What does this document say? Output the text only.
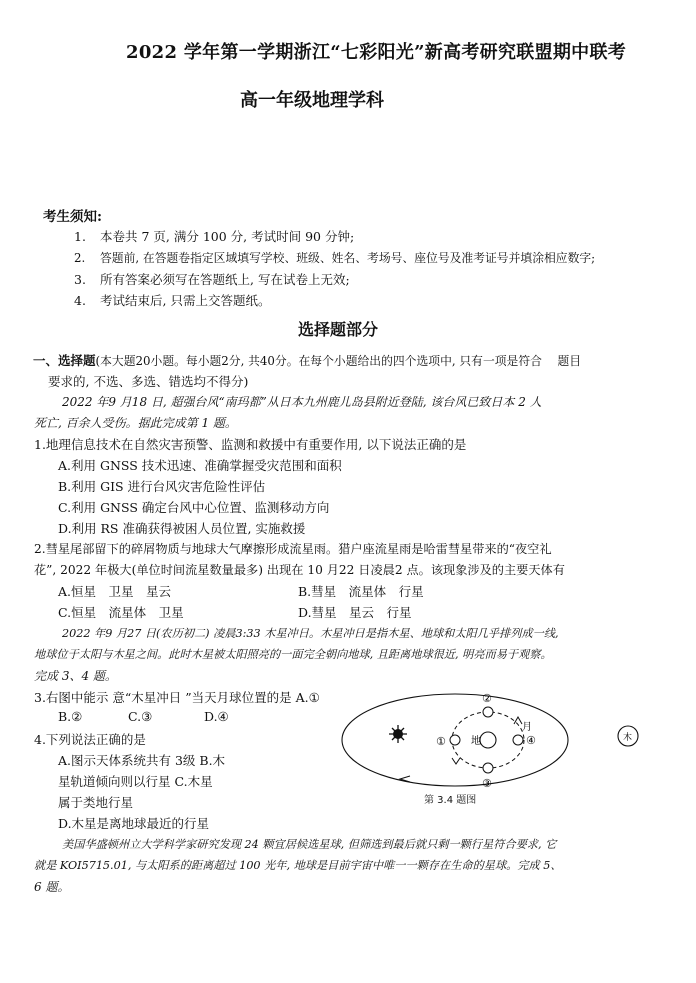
2022 学年第一学期浙江“七彩阳光”新高考研究联盟期中联考
高一年级地理学科
考生须知:
1. 本卷共 7 页, 满分 100 分, 考试时间 90 分钟;
2. 答题前, 在答题卷指定区域填写学校、班级、姓名、考场号、座位号及准考证号并填涂相应数字;
3. 所有答案必须写在答题纸上, 写在试卷上无效;
4. 考试结束后, 只需上交答题纸。
选择题部分
一、选择题(本大题20小题。每小题2分, 共40分。在每个小题给出的四个选项中, 只有一项是符合　 题目
要求的, 不选、多选、错选均不得分)
2022 年9 月18 日, 超强台风“南玛都”从日本九州鹿儿岛县附近登陆, 该台风已致日本 2 人
死亡, 百余人受伤。据此完成第 1 题。
1.地理信息技术在自然灾害预警、监测和救援中有重要作用, 以下说法正确的是
A.利用 GNSS 技术迅速、准确掌握受灾范围和面积
B.利用 GIS 进行台风灾害危险性评估
C.利用 GNSS 确定台风中心位置、监测移动方向
D.利用 RS 准确获得被困人员位置, 实施救援
2.彗星尾部留下的碎屑物质与地球大气摩擦形成流星雨。猎户座流星雨是哈雷彗星带来的“夜空礼
花”, 2022 年极大(单位时间流星数量最多) 出现在 10 月22 日凌晨2 点。该现象涉及的主要天体有
A.恒星　卫星　星云	B.彗星　流星体　行星
C.恒星　流星体　卫星	D.彗星　星云　行星
2022 年9 月27 日(农历初二) 凌晨3:33 木星冲日。木星冲日是指木星、地球和太阳几乎排列成一线,
地球位于太阳与木星之间。此时木星被太阳照亮的一面完全朝向地球, 且距离地球很近, 明亮而易于观察。
完成 3、4 题。
3.右图中能示 意“木星冲日 ”当天月球位置的是 A.①
B.②	C.③	D.④
4.下列说法正确的是
A.图示天体系统共有 3级 B.木
星轨道倾向则以行星 C.木星
属于类地行星
D.木星是离地球最近的行星
地
①
②
③
④
月
木
第 3.4 题图
美国华盛顿州立大学科学家研究发现 24 颗宜居候选星球, 但筛选到最后就只剩一颗行星符合要求, 它
就是 KOI5715.01, 与太阳系的距离超过 100 光年, 地球是目前宇宙中唯一一颗存在生命的星球。完成 5、
6 题。
